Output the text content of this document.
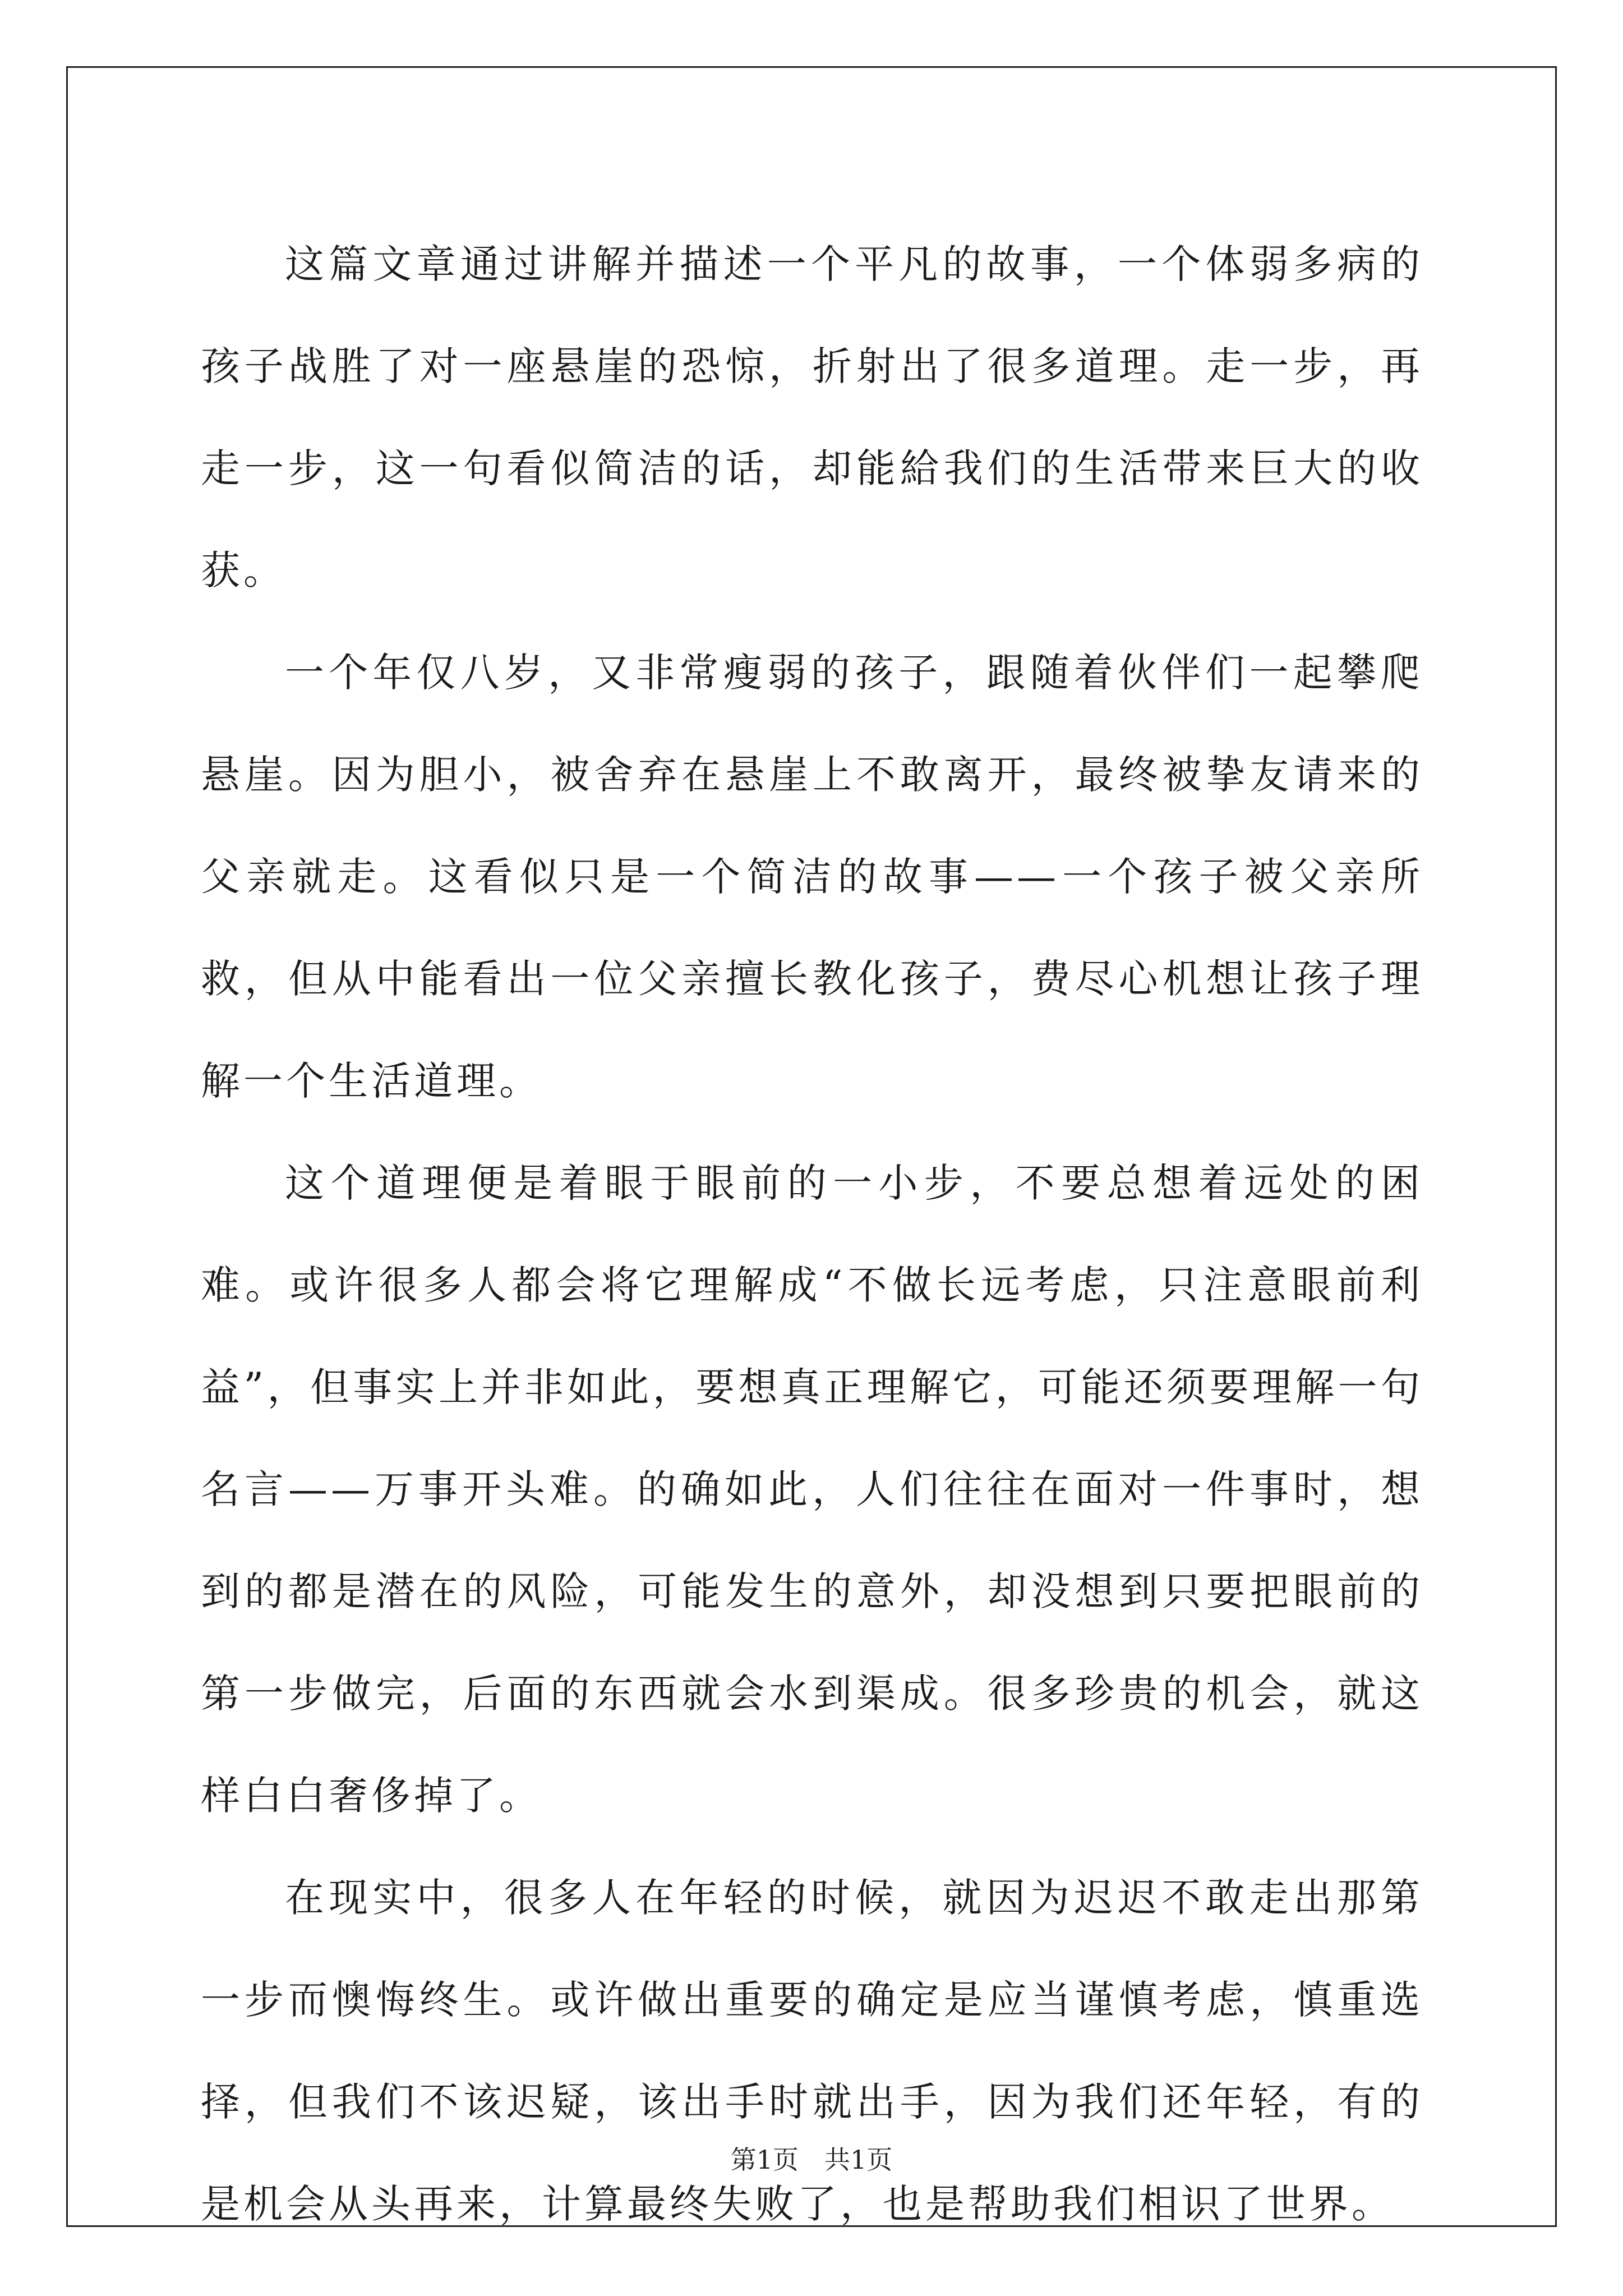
这篇文章通过讲解并描述一个平凡的故事，一个体弱多病的孩子战胜了对一座悬崖的恐惊，折射出了很多道理。走一步，再走一步，这一句看似简洁的话，却能給我们的生活带来巨大的收获。

一个年仅八岁，又非常瘦弱的孩子，跟随着伙伴们一起攀爬悬崖。因为胆小，被舍弃在悬崖上不敢离开，最终被挚友请来的父亲就走。这看似只是一个简洁的故事——一个孩子被父亲所救，但从中能看出一位父亲擅长教化孩子，费尽心机想让孩子理解一个生活道理。

这个道理便是着眼于眼前的一小步，不要总想着远处的困难。或许很多人都会将它理解成“不做长远考虑，只注意眼前利益”，但事实上并非如此，要想真正理解它，可能还须要理解一句名言——万事开头难。的确如此，人们往往在面对一件事时，想到的都是潜在的风险，可能发生的意外，却没想到只要把眼前的第一步做完，后面的东西就会水到渠成。很多珍贵的机会，就这样白白奢侈掉了。

在现实中，很多人在年轻的时候，就因为迟迟不敢走出那第一步而懊悔终生。或许做出重要的确定是应当谨慎考虑，慎重选择，但我们不该迟疑，该出手时就出手，因为我们还年轻，有的是机会从头再来，计算最终失败了，也是帮助我们相识了世界。

第1页 共1页
